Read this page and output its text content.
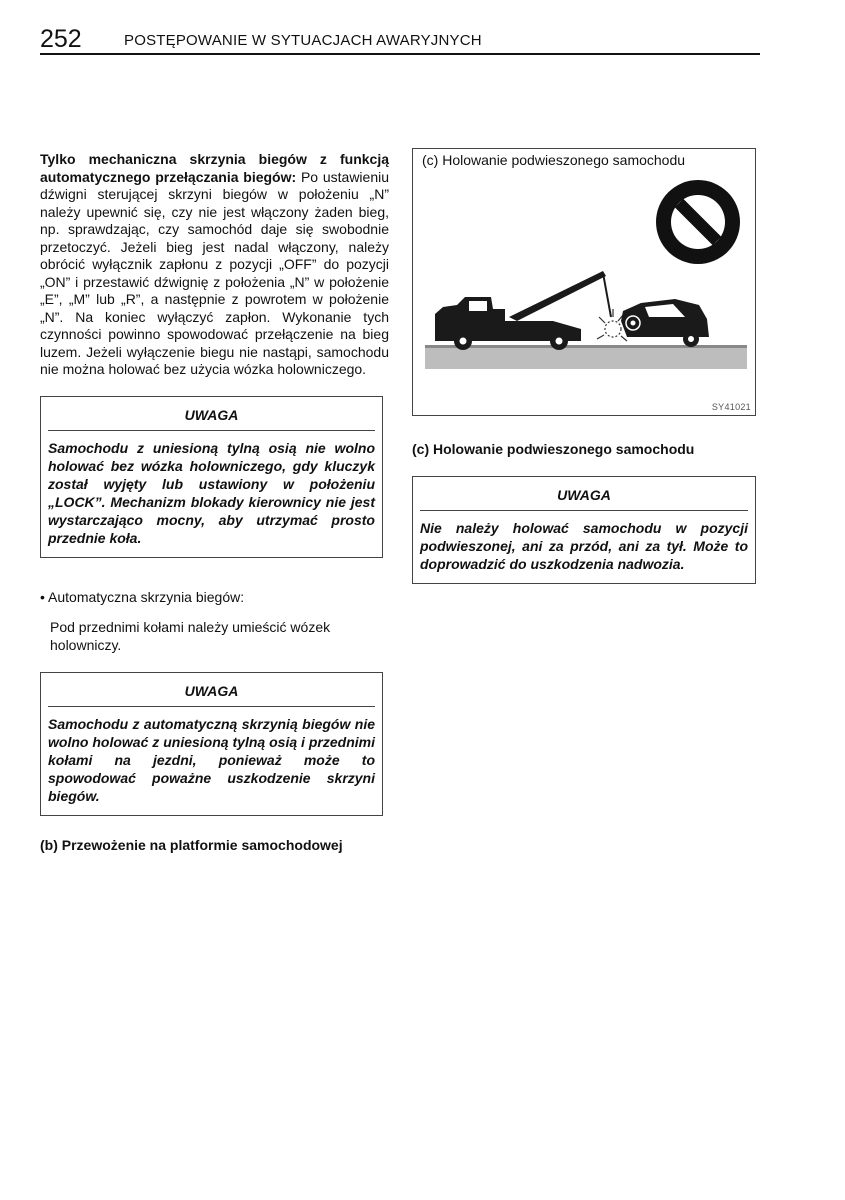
252	POSTĘPOWANIE W SYTUACJACH AWARYJNYCH

Tylko mechaniczna skrzynia biegów z funkcją automatycznego przełączania biegów: Po ustawieniu dźwigni sterującej skrzyni biegów w położeniu „N” należy upewnić się, czy nie jest włączony żaden bieg, np. sprawdzając, czy samochód daje się swobodnie przetoczyć. Jeżeli bieg jest nadal włączony, należy obrócić wyłącznik zapłonu z pozycji „OFF” do pozycji „ON” i przestawić dźwignię z położenia „N” w położenie „E”, „M” lub „R”, a następnie z powrotem w położenie „N”. Na koniec wyłączyć zapłon. Wykonanie tych czynności powinno spowodować przełączenie na bieg luzem. Jeżeli wyłączenie biegu nie nastąpi, samochodu nie można holować bez użycia wózka holowniczego.

UWAGA

Samochodu z uniesioną tylną osią nie wolno holować bez wózka holowniczego, gdy kluczyk został wyjęty lub ustawiony w położeniu „LOCK”. Mechanizm blokady kierownicy nie jest wystarczająco mocny, aby utrzymać prosto przednie koła.

• Automatyczna skrzynia biegów:
Pod przednimi kołami należy umieścić wózek holowniczy.
UWAGA

Samochodu z automatyczną skrzynią biegów nie wolno holować z uniesioną tylną osią i przednimi kołami na jezdni, ponieważ może to spowodować poważne uszkodzenie skrzyni biegów.

(b) Przewożenie na platformie samochodowej
(c) Holowanie podwieszonego samochodu
SY41021
(c) Holowanie podwieszonego samochodu
UWAGA

Nie należy holować samochodu w pozycji podwieszonej, ani za przód, ani za tył. Może to doprowadzić do uszkodzenia nadwozia.
